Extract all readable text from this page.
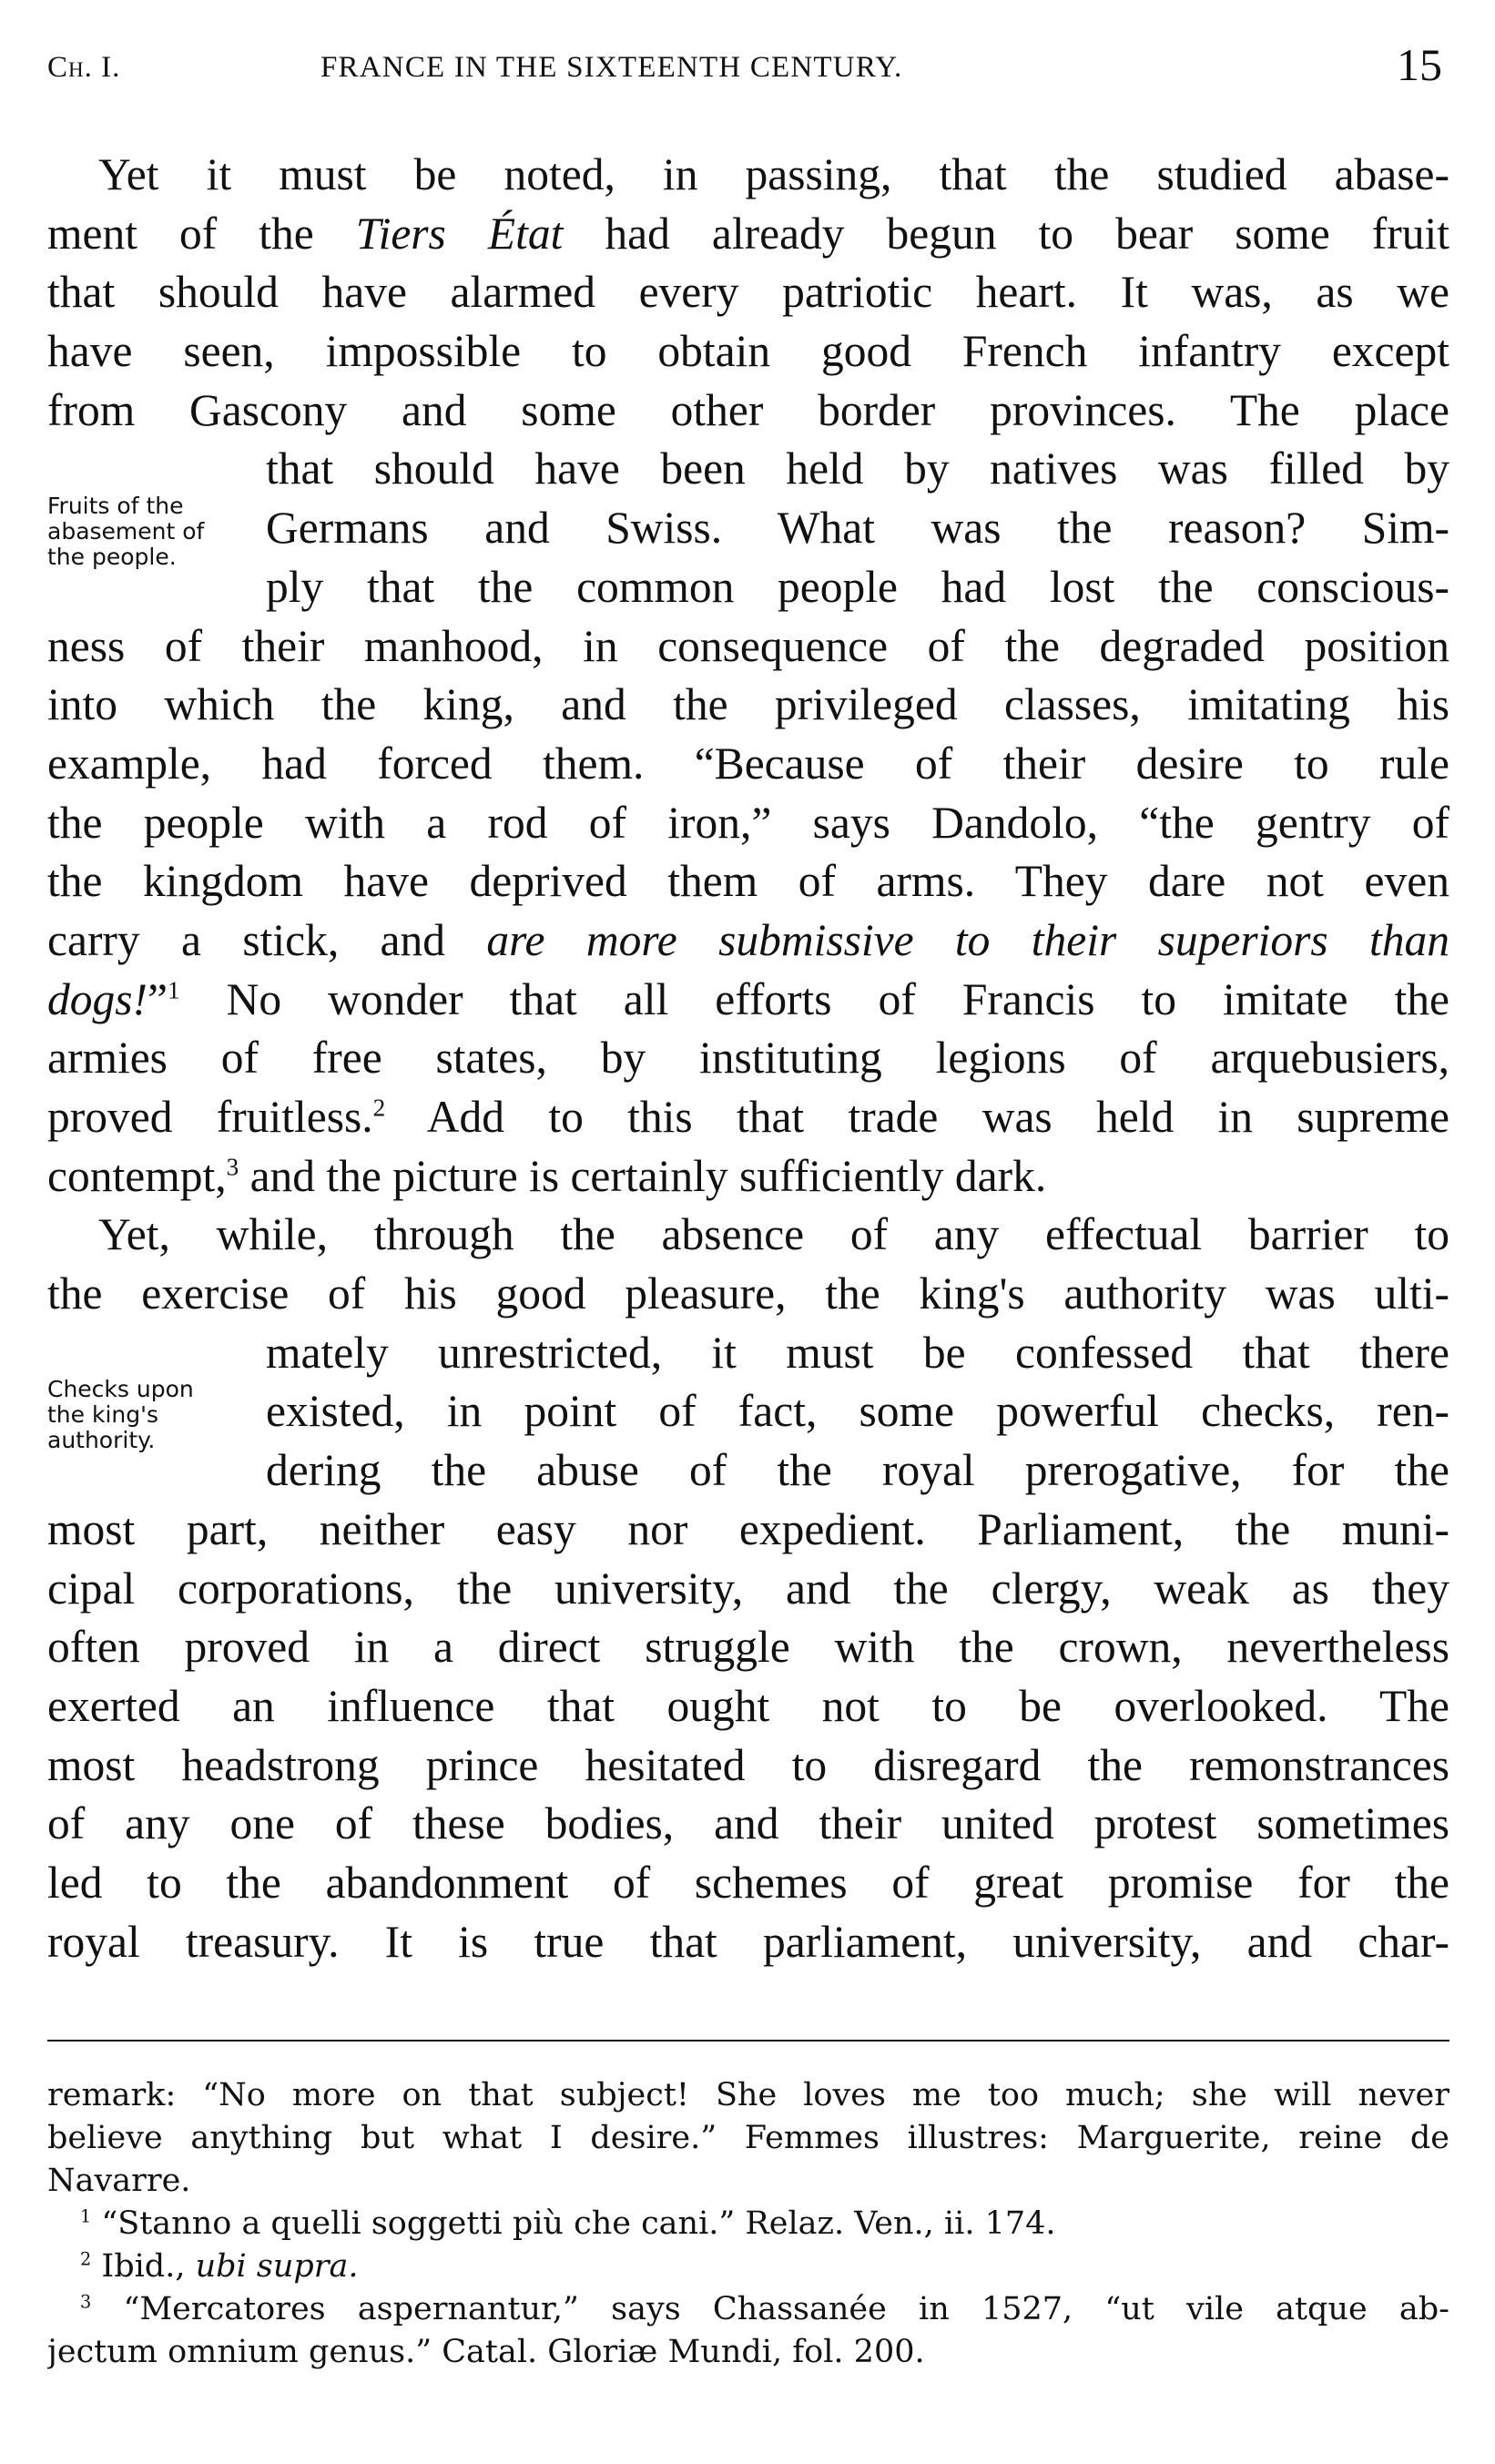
Ch. I.	FRANCE IN THE SIXTEENTH CENTURY.	15
Fruits of the
abasement of
the people.
Checks upon
the king's
authority.
Yet it must be noted, in passing, that the studied abase-
ment of the Tiers État had already begun to bear some fruit
that should have alarmed every patriotic heart. It was, as we
have seen, impossible to obtain good French infantry except
from Gascony and some other border provinces. The place
that should have been held by natives was filled by
Germans and Swiss. What was the reason? Sim-
ply that the common people had lost the conscious-
ness of their manhood, in consequence of the degraded position
into which the king, and the privileged classes, imitating his
example, had forced them. “Because of their desire to rule
the people with a rod of iron,” says Dandolo, “the gentry of
the kingdom have deprived them of arms. They dare not even
carry a stick, and are more submissive to their superiors than
dogs!”$^1$ No wonder that all efforts of Francis to imitate the
armies of free states, by instituting legions of arquebusiers,
proved fruitless.$^2$ Add to this that trade was held in supreme
contempt,$^3$ and the picture is certainly sufficiently dark.
Yet, while, through the absence of any effectual barrier to
the exercise of his good pleasure, the king's authority was ulti-
mately unrestricted, it must be confessed that there
existed, in point of fact, some powerful checks, ren-
dering the abuse of the royal prerogative, for the
most part, neither easy nor expedient. Parliament, the muni-
cipal corporations, the university, and the clergy, weak as they
often proved in a direct struggle with the crown, nevertheless
exerted an influence that ought not to be overlooked. The
most headstrong prince hesitated to disregard the remonstrances
of any one of these bodies, and their united protest sometimes
led to the abandonment of schemes of great promise for the
royal treasury. It is true that parliament, university, and char-
remark: “No more on that subject! She loves me too much; she will never
believe anything but what I desire.” Femmes illustres: Marguerite, reine de
Navarre.
$^1$ “Stanno a quelli soggetti più che cani.” Relaz. Ven., ii. 174.
$^2$ Ibid., ubi supra.
$^3$ “Mercatores aspernantur,” says Chassanée in 1527, “ut vile atque ab-
jectum omnium genus.” Catal. Gloriæ Mundi, fol. 200.
